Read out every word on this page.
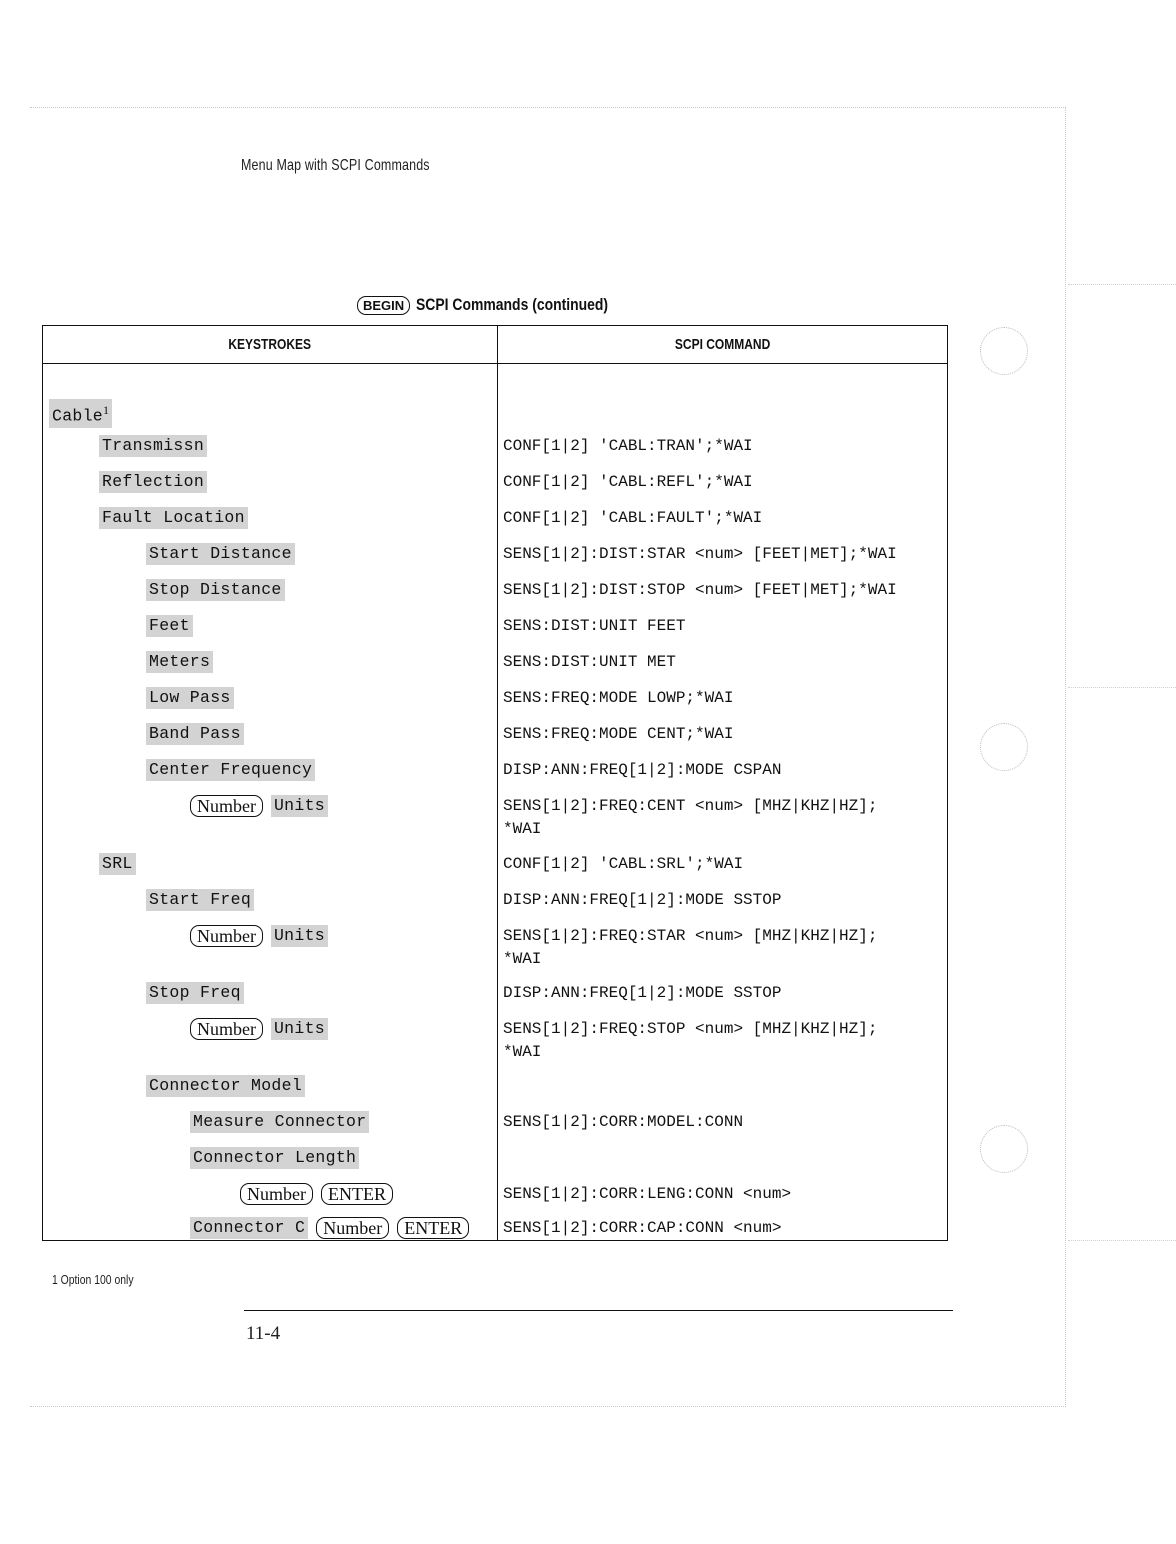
Menu Map with SCPI Commands
BEGIN SCPI Commands (continued)
KEYSTROKES	SCPI COMMAND
Cable$^1$
Transmissn	CONF[1|2] 'CABL:TRAN';*WAI
Reflection	CONF[1|2] 'CABL:REFL';*WAI
Fault Location	CONF[1|2] 'CABL:FAULT';*WAI
Start Distance	SENS[1|2]:DIST:STAR <num> [FEET|MET];*WAI
Stop Distance	SENS[1|2]:DIST:STOP <num> [FEET|MET];*WAI
Feet	SENS:DIST:UNIT FEET
Meters	SENS:DIST:UNIT MET
Low Pass	SENS:FREQ:MODE LOWP;*WAI
Band Pass	SENS:FREQ:MODE CENT;*WAI
Center Frequency	DISP:ANN:FREQ[1|2]:MODE CSPAN
Number	Units	SENS[1|2]:FREQ:CENT <num> [MHZ|KHZ|HZ];
*WAI
SRL	CONF[1|2] 'CABL:SRL';*WAI
Start Freq	DISP:ANN:FREQ[1|2]:MODE SSTOP
Number	Units	SENS[1|2]:FREQ:STAR <num> [MHZ|KHZ|HZ];
*WAI
Stop Freq	DISP:ANN:FREQ[1|2]:MODE SSTOP
Number	Units	SENS[1|2]:FREQ:STOP <num> [MHZ|KHZ|HZ];
*WAI
Connector Model
Measure Connector	SENS[1|2]:CORR:MODEL:CONN
Connector Length
Number	ENTER	SENS[1|2]:CORR:LENG:CONN <num>
Connector C	Number	ENTER	SENS[1|2]:CORR:CAP:CONN <num>
1 Option 100 only
11-4
